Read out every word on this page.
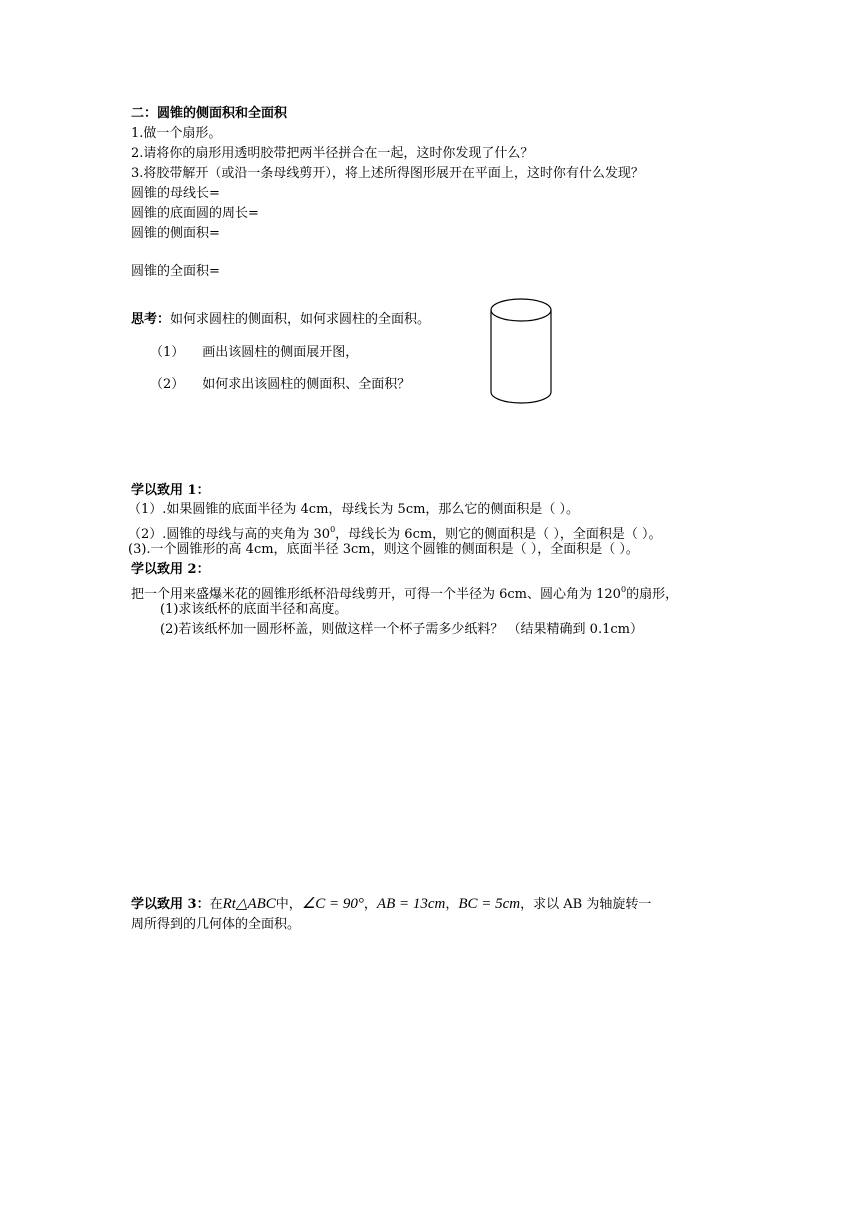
二：圆锥的侧面积和全面积
1.做一个扇形。
2.请将你的扇形用透明胶带把两半径拼合在一起，这时你发现了什么？
3.将胶带解开（或沿一条母线剪开），将上述所得图形展开在平面上，这时你有什么发现？
圆锥的母线长=
圆锥的底面圆的周长=
圆锥的侧面积=
圆锥的全面积=
思考：如何求圆柱的侧面积，如何求圆柱的全面积。
（1） 画出该圆柱的侧面展开图，
（2） 如何求出该圆柱的侧面积、全面积？
学以致用 1：
（1）.如果圆锥的底面半径为 4cm，母线长为 5cm，那么它的侧面积是（ ）。
（2）.圆锥的母线与高的夹角为 $30^0$，母线长为 6cm，则它的侧面积是（ ），全面积是（ ）。
(3).一个圆锥形的高 4cm，底面半径 3cm，则这个圆锥的侧面积是（ ），全面积是（ ）。
学以致用 2：
把一个用来盛爆米花的圆锥形纸杯沿母线剪开，可得一个半径为 6cm、圆心角为 $120^0$的扇形，
(1)求该纸杯的底面半径和高度。
(2)若该纸杯加一圆形杯盖，则做这样一个杯子需多少纸料？ （结果精确到 0.1cm）
学以致用 3：在Rt△ABC中，∠C = 90°，AB = 13cm，BC = 5cm，求以 AB 为轴旋转一
周所得到的几何体的全面积。
